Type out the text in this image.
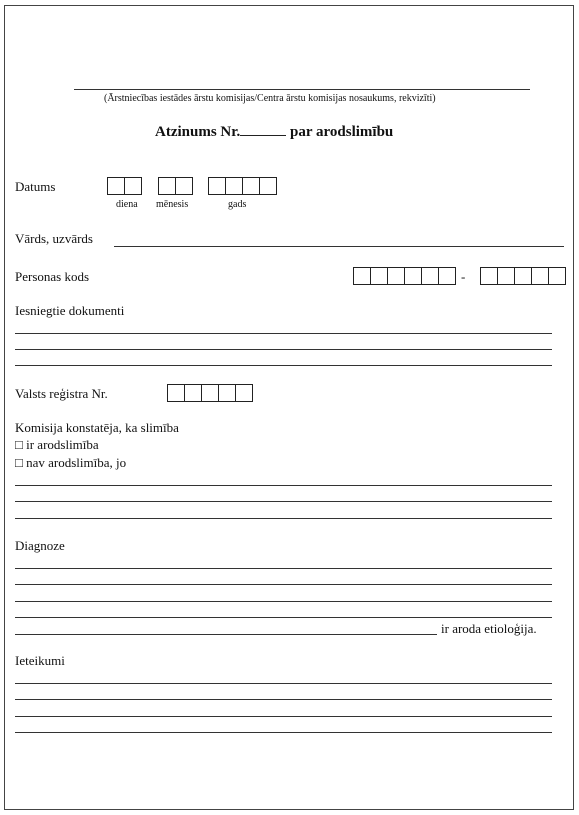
(Ārstniecības iestādes ārstu komisijas/Centra ārstu komisijas nosaukums, rekvizīti)
Atzinums Nr.	par arodslimību
Datums
diena mēnesis	gads
Vārds, uzvārds
Personas kods	-
Iesniegtie dokumenti
Valsts reģistra Nr.
Komisija konstatēja, ka slimība
□ ir arodslimība
□ nav arodslimība, jo
Diagnoze
ir aroda etioloģija.
Ieteikumi
